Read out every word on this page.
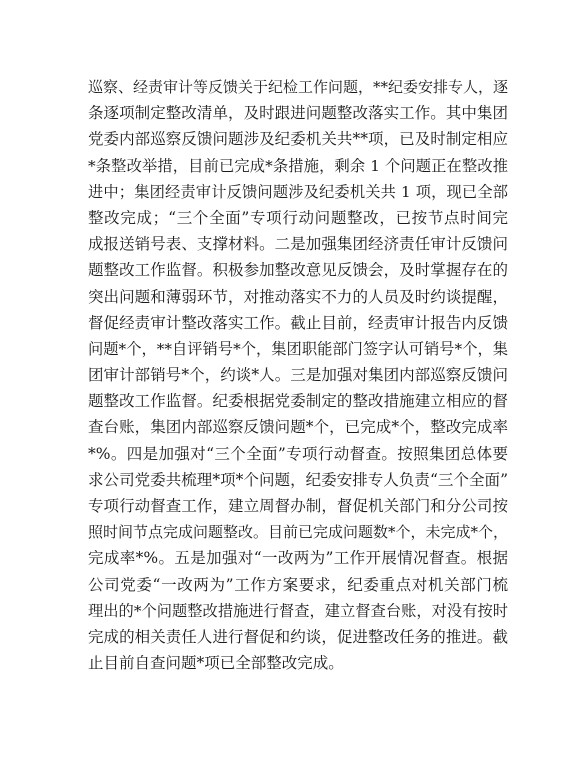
巡察、经责审计等反馈关于纪检工作问题，**纪委安排专人，逐
条逐项制定整改清单，及时跟进问题整改落实工作。其中集团
党委内部巡察反馈问题涉及纪委机关共**项，已及时制定相应
*条整改举措，目前已完成*条措施，剩余 1 个问题正在整改推
进中；集团经责审计反馈问题涉及纪委机关共 1 项，现已全部
整改完成；“三个全面”专项行动问题整改，已按节点时间完
成报送销号表、支撑材料。二是加强集团经济责任审计反馈问
题整改工作监督。积极参加整改意见反馈会，及时掌握存在的
突出问题和薄弱环节，对推动落实不力的人员及时约谈提醒，
督促经责审计整改落实工作。截止目前，经责审计报告内反馈
问题*个，**自评销号*个，集团职能部门签字认可销号*个，集
团审计部销号*个，约谈*人。三是加强对集团内部巡察反馈问
题整改工作监督。纪委根据党委制定的整改措施建立相应的督
查台账，集团内部巡察反馈问题*个，已完成*个，整改完成率
*%。四是加强对“三个全面”专项行动督查。按照集团总体要
求公司党委共梳理*项*个问题，纪委安排专人负责“三个全面”
专项行动督查工作，建立周督办制，督促机关部门和分公司按
照时间节点完成问题整改。目前已完成问题数*个，未完成*个，
完成率*%。五是加强对“一改两为”工作开展情况督查。根据
公司党委“一改两为”工作方案要求，纪委重点对机关部门梳
理出的*个问题整改措施进行督查，建立督查台账，对没有按时
完成的相关责任人进行督促和约谈，促进整改任务的推进。截
止目前自查问题*项已全部整改完成。
